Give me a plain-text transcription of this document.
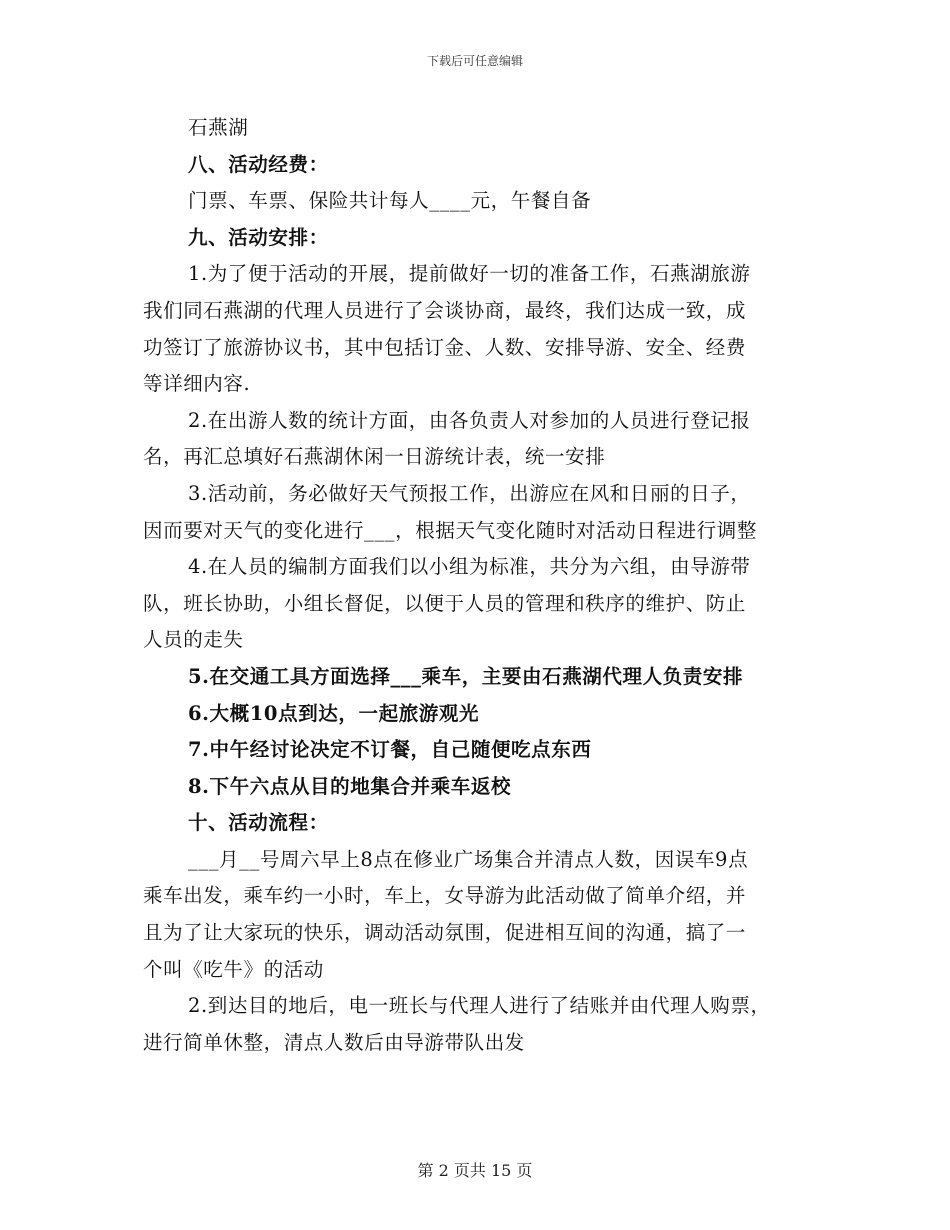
下载后可任意编辑
石燕湖
八、活动经费：
门票、车票、保险共计每人____元，午餐自备
九、活动安排：
1.为了便于活动的开展，提前做好一切的准备工作，石燕湖旅游
我们同石燕湖的代理人员进行了会谈协商，最终，我们达成一致，成
功签订了旅游协议书，其中包括订金、人数、安排导游、安全、经费
等详细内容.
2.在出游人数的统计方面，由各负责人对参加的人员进行登记报
名，再汇总填好石燕湖休闲一日游统计表，统一安排
3.活动前，务必做好天气预报工作，出游应在风和日丽的日子，
因而要对天气的变化进行___，根据天气变化随时对活动日程进行调整
4.在人员的编制方面我们以小组为标准，共分为六组，由导游带
队，班长协助，小组长督促，以便于人员的管理和秩序的维护、防止
人员的走失
5.在交通工具方面选择___乘车，主要由石燕湖代理人负责安排
6.大概10点到达，一起旅游观光
7.中午经讨论决定不订餐，自己随便吃点东西
8.下午六点从目的地集合并乘车返校
十、活动流程：
___月__号周六早上8点在修业广场集合并清点人数，因误车9点
乘车出发，乘车约一小时，车上，女导游为此活动做了简单介绍，并
且为了让大家玩的快乐，调动活动氛围，促进相互间的沟通，搞了一
个叫《吃牛》的活动
2.到达目的地后，电一班长与代理人进行了结账并由代理人购票，
进行简单休整，清点人数后由导游带队出发
第 2 页共 15 页
